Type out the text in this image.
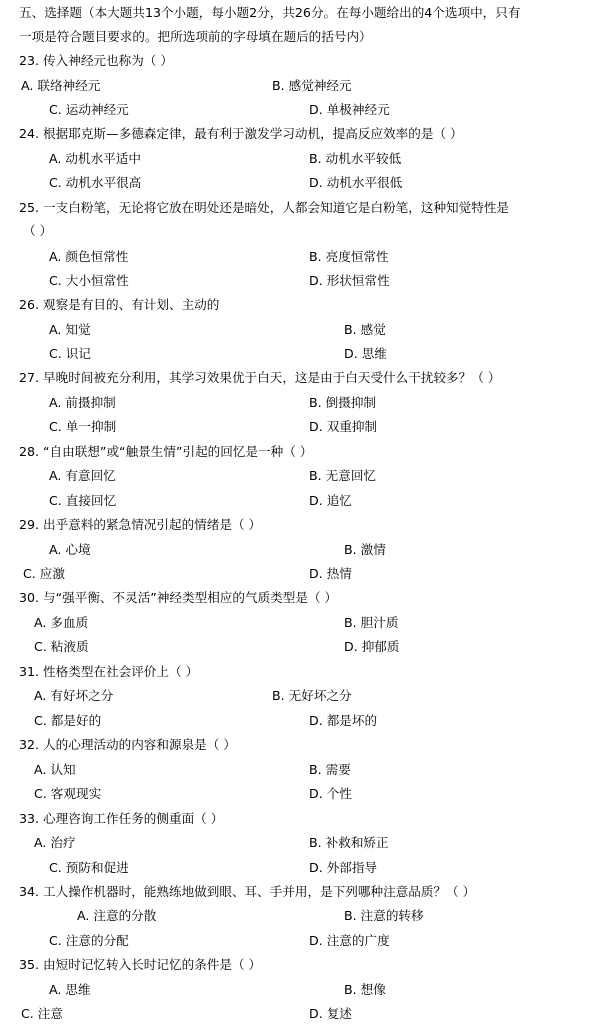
五、选择题（本大题共13个小题，每小题2分，共26分。在每小题给出的4个选项中，只有
一项是符合题目要求的。把所选项前的字母填在题后的括号内）
23. 传入神经元也称为（ ）
A. 联络神经元	B. 感觉神经元
C. 运动神经元	D. 单极神经元
24. 根据耶克斯—多德森定律，最有利于激发学习动机，提高反应效率的是（ ）
A. 动机水平适中	B. 动机水平较低
C. 动机水平很高	D. 动机水平很低
25. 一支白粉笔，无论将它放在明处还是暗处，人都会知道它是白粉笔，这种知觉特性是
（ ）
A. 颜色恒常性	B. 亮度恒常性
C. 大小恒常性	D. 形状恒常性
26. 观察是有目的、有计划、主动的
A. 知觉	B. 感觉
C. 识记	D. 思维
27. 早晚时间被充分利用，其学习效果优于白天，这是由于白天受什么干扰较多？（ ）
A. 前摄抑制	B. 倒摄抑制
C. 单一抑制	D. 双重抑制
28. “自由联想”或“触景生情”引起的回忆是一种（ ）
A. 有意回忆	B. 无意回忆
C. 直接回忆	D. 追忆
29. 出乎意料的紧急情况引起的情绪是（ ）
A. 心境	B. 激情
C. 应激	D. 热情
30. 与“强平衡、不灵活”神经类型相应的气质类型是（ ）
A. 多血质	B. 胆汁质
C. 粘液质	D. 抑郁质
31. 性格类型在社会评价上（ ）
A. 有好坏之分	B. 无好坏之分
C. 都是好的	D. 都是坏的
32. 人的心理活动的内容和源泉是（ ）
A. 认知	B. 需要
C. 客观现实	D. 个性
33. 心理咨询工作任务的侧重面（ ）
A. 治疗	B. 补救和矫正
C. 预防和促进	D. 外部指导
34. 工人操作机器时，能熟练地做到眼、耳、手并用，是下列哪种注意品质？（ ）
A. 注意的分散	B. 注意的转移
C. 注意的分配	D. 注意的广度
35. 由短时记忆转入长时记忆的条件是（ ）
A. 思维	B. 想像
C. 注意	D. 复述
